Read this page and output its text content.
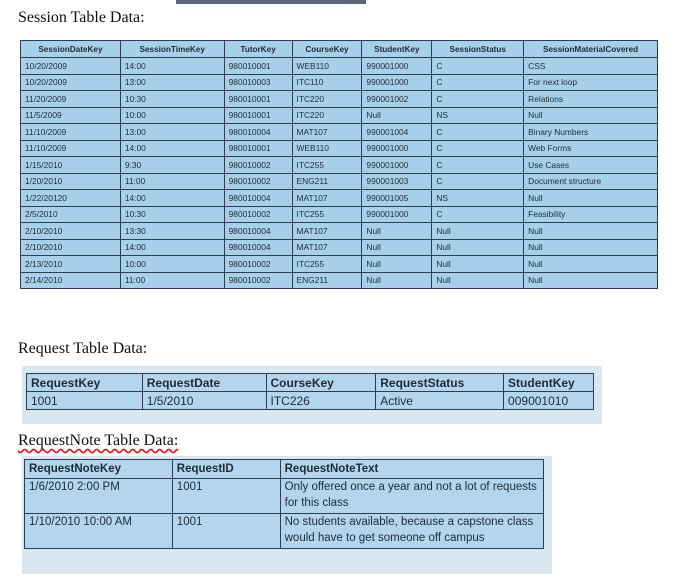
Session Table Data:
SessionDateKey	SessionTimeKey	TutorKey	CourseKey	StudentKey	SessionStatus	SessionMaterialCovered
10/20/2009	14:00	980010001	WEB110	990001000	C	CSS
10/20/2009	13:00	980010003	ITC110	990001000	C	For next loop
11/20/2009	10:30	980010001	ITC220	990001002	C	Relations
11/5/2009	10:00	980010001	ITC220	Null	NS	Null
11/10/2009	13:00	980010004	MAT107	990001004	C	Binary Numbers
11/10/2009	14:00	980010001	WEB110	990001000	C	Web Forms
1/15/2010	9:30	980010002	ITC255	990001000	C	Use Cases
1/20/2010	11:00	980010002	ENG211	990001003	C	Document structure
1/22/20120	14:00	980010004	MAT107	990001005	NS	Null
2/5/2010	10:30	980010002	ITC255	990001000	C	Feasibility
2/10/2010	13:30	980010004	MAT107	Null	Null	Null
2/10/2010	14:00	980010004	MAT107	Null	Null	Null
2/13/2010	10:00	980010002	ITC255	Null	Null	Null
2/14/2010	11:00	980010002	ENG211	Null	Null	Null
Request Table Data:
RequestKey	RequestDate	CourseKey	RequestStatus	StudentKey
1001	1/5/2010	ITC226	Active	009001010
RequestNote Table Data:
RequestNoteKey	RequestID	RequestNoteText
1/6/2010 2:00 PM	1001	Only offered once a year and not a lot of requests for this class
1/10/2010 10:00 AM	1001	No students available, because a capstone class would have to get someone off campus
